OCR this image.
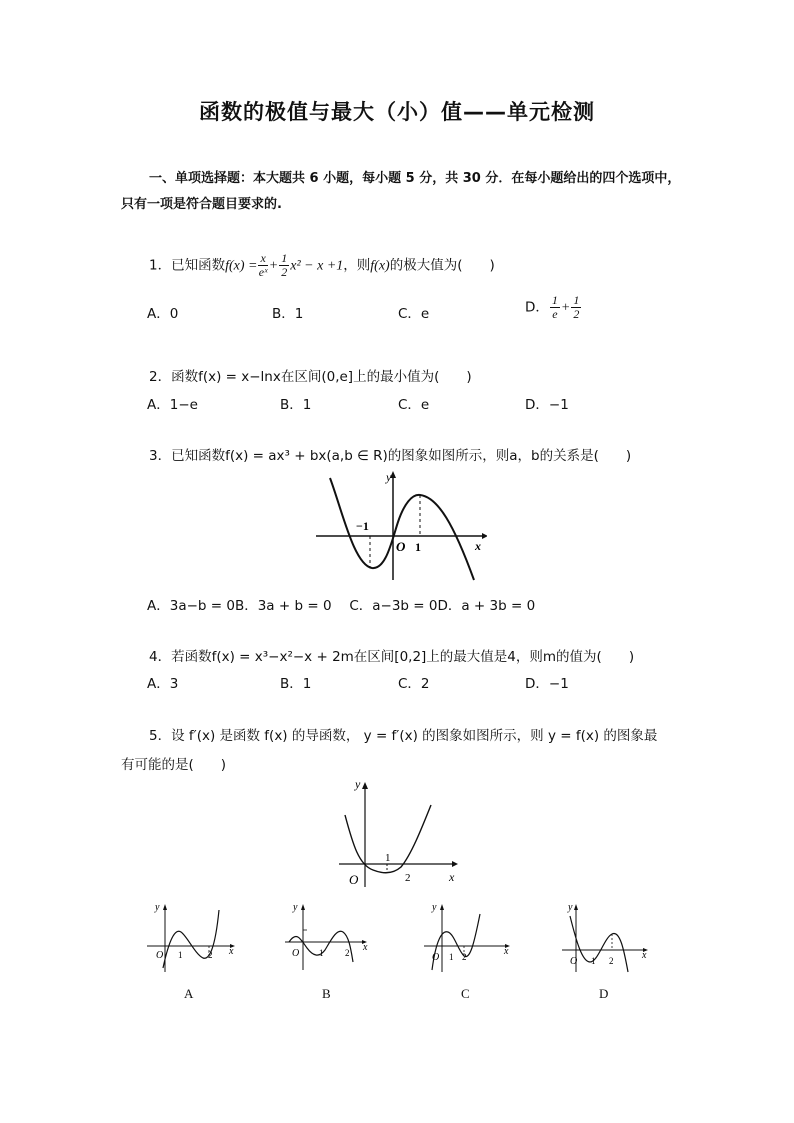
函数的极值与最大（小）值——单元检测
一、单项选择题：本大题共 6 小题，每小题 5 分，共 30 分．在每小题给出的四个选项中，只有一项是符合题目要求的.
1．已知函数$f(x) = \frac{x}{\text{eˣ}} + \frac{1}{2} x^2 - x +1$，则f(x)的极大值为(　　)
A．0	B．1	C．e	D． $\frac{1}{e} + \frac{1}{2}$
2．函数f(x) = x−lnx在区间(0,e]上的最小值为(　　)
A．1−e	B．1	C．e	D．−1
3．已知函数f(x) = ax³ + bx(a,b ∈ R)的图象如图所示，则a，b的关系是(　　)
y
x
O
−1
1
A．3a−b = 0B．3a + b = 0　 C．a−3b = 0D．a + 3b = 0
4．若函数f(x) = x³−x²−x + 2m在区间[0,2]上的最大值是4，则m的值为(　　)
A．3	B．1	C．2	D．−1
5．设 f′(x) 是函数 f(x) 的导函数， y = f′(x) 的图象如图所示，则 y = f(x) 的图象最
有可能的是(　　)
y
x
O
1
2
y
x
O 1	2
A
y
x
O 1 2
B
y
x
O 1 2
C
y
x
O 1 2
D
